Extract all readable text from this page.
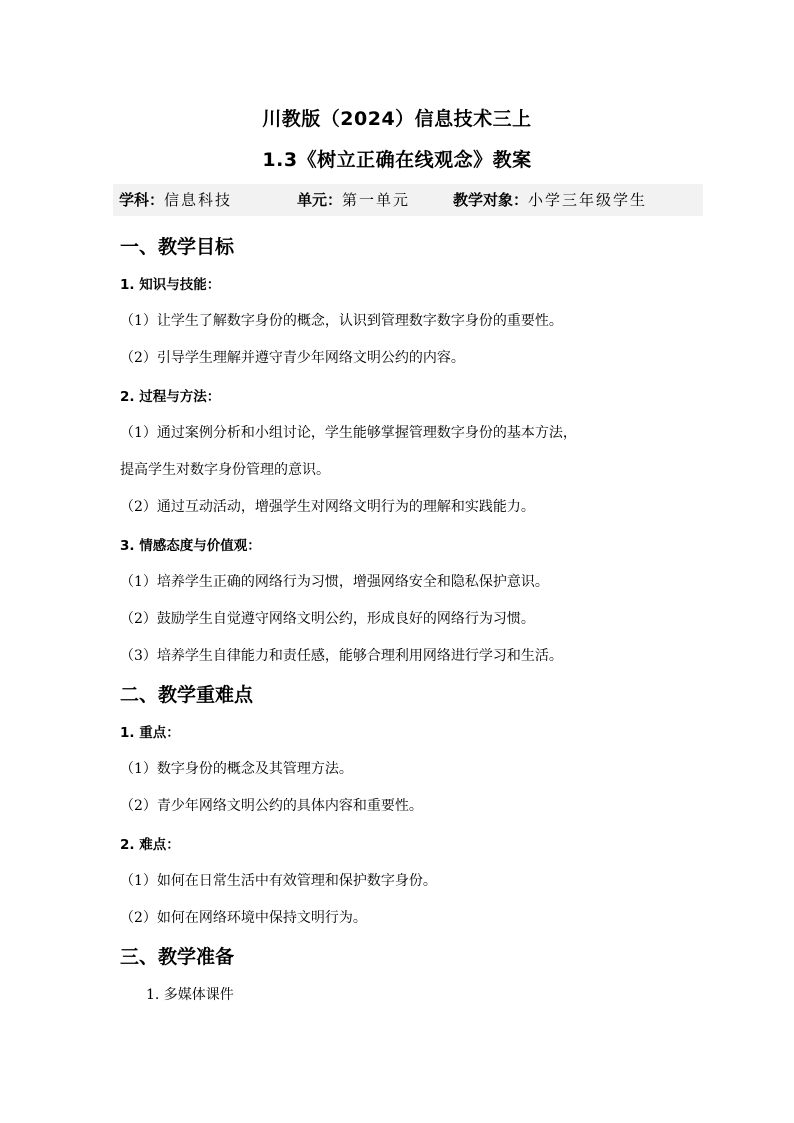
川教版（2024）信息技术三上
1.3《树立正确在线观念》教案
学科：信息科技	单元：第一单元	教学对象：小学三年级学生
一、教学目标
1. 知识与技能：
（1）让学生了解数字身份的概念，认识到管理数字数字身份的重要性。
（2）引导学生理解并遵守青少年网络文明公约的内容。
2. 过程与方法：
（1）通过案例分析和小组讨论，学生能够掌握管理数字身份的基本方法，
提高学生对数字身份管理的意识。
（2）通过互动活动，增强学生对网络文明行为的理解和实践能力。
3. 情感态度与价值观：
（1）培养学生正确的网络行为习惯，增强网络安全和隐私保护意识。
（2）鼓励学生自觉遵守网络文明公约，形成良好的网络行为习惯。
（3）培养学生自律能力和责任感，能够合理利用网络进行学习和生活。
二、教学重难点
1. 重点：
（1）数字身份的概念及其管理方法。
（2）青少年网络文明公约的具体内容和重要性。
2. 难点：
（1）如何在日常生活中有效管理和保护数字身份。
（2）如何在网络环境中保持文明行为。
三、教学准备
1. 多媒体课件
